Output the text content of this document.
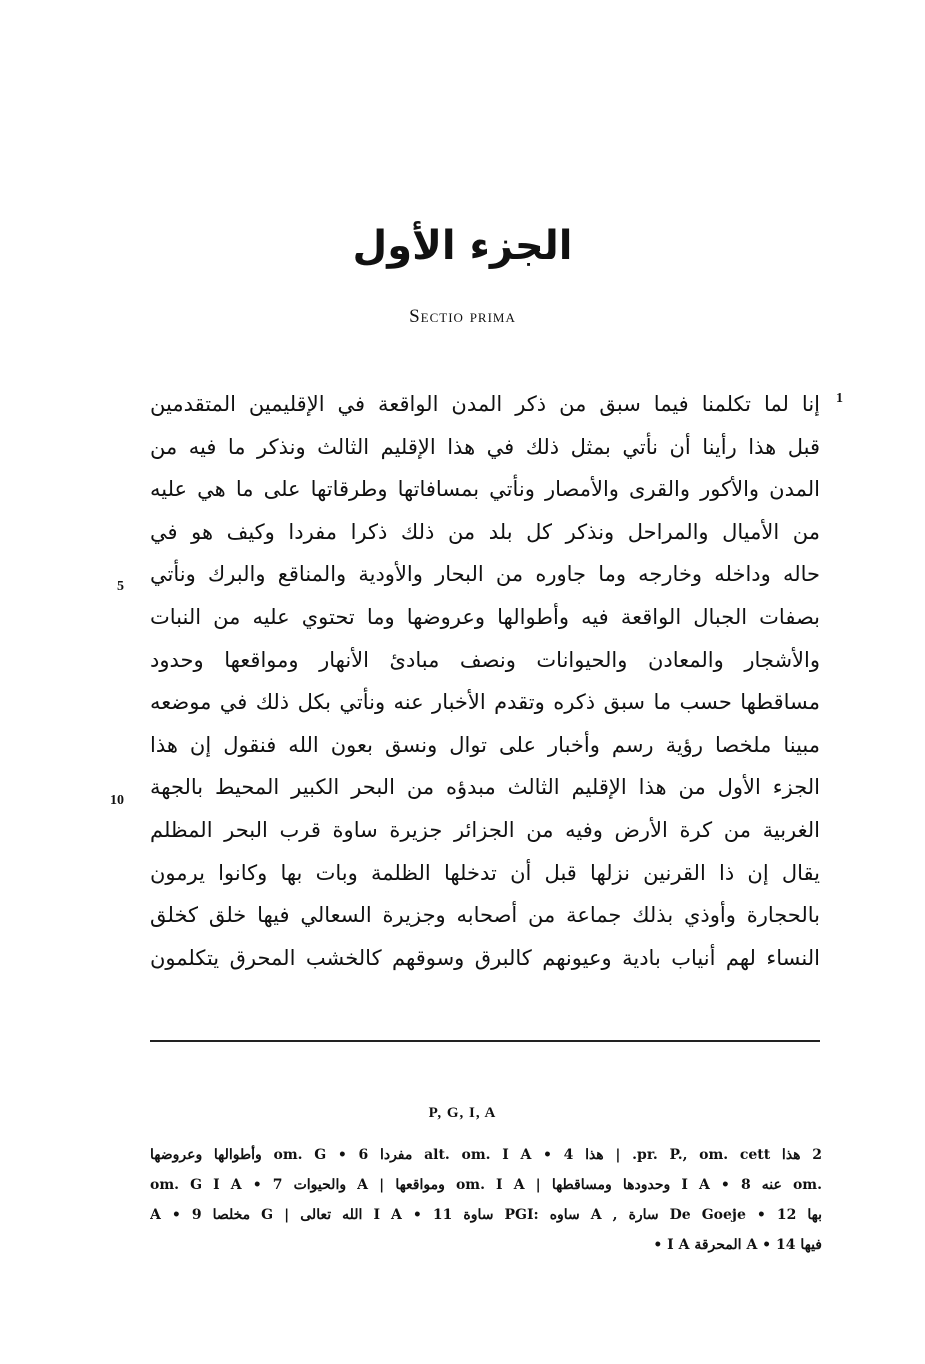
الجزء الأول
Sectio prima
إنا لما تكلمنا فيما سبق من ذكر المدن الواقعة في الإقليمين المتقدمين
قبل هذا رأينا أن نأتي بمثل ذلك في هذا الإقليم الثالث ونذكر ما فيه من
المدن والأكور والقرى والأمصار ونأتي بمسافاتها وطرقاتها على ما هي عليه
من الأميال والمراحل ونذكر كل بلد من ذلك ذكرا مفردا وكيف هو في
حاله وداخله وخارجه وما جاوره من البحار والأودية والمناقع والبرك ونأتي
بصفات الجبال الواقعة فيه وأطوالها وعروضها وما تحتوي عليه من النبات
والأشجار والمعادن والحيوانات ونصف مبادئ الأنهار ومواقعها وحدود
مساقطها حسب ما سبق ذكره وتقدم الأخبار عنه ونأتي بكل ذلك في موضعه
مبينا ملخصا رؤية رسم وأخبار على توال ونسق بعون الله فنقول إن هذا
الجزء الأول من هذا الإقليم الثالث مبدؤه من البحر الكبير المحيط بالجهة
الغربية من كرة الأرض وفيه من الجزائر جزيرة ساوة قرب البحر المظلم
يقال إن ذا القرنين نزلها قبل أن تدخلها الظلمة وبات بها وكانوا يرمون
بالحجارة وأوذي بذلك جماعة من أصحابه وجزيرة السعالي فيها خلق كخلق
النساء لهم أنياب بادية وعيونهم كالبرق وسوقهم كالخشب المحرق يتكلمون
1
5
10
P, G, I, A
2 هذا pr. P., om. cett. | هذا alt. om. I A • 4 مفردا om. G • 6 وأطوالها وعروضها
om. G I A • 7 والحيوات A | ومواقعها om. I A | وحدودها ومساقطها I A • 8 عنه om.
A • 9 مخلصا G | الله تعالى I A • 11 ساوة PGI: ساوه A , سارة De Goeje • 12 بها
فيها A • 14 المحرقة I A •
